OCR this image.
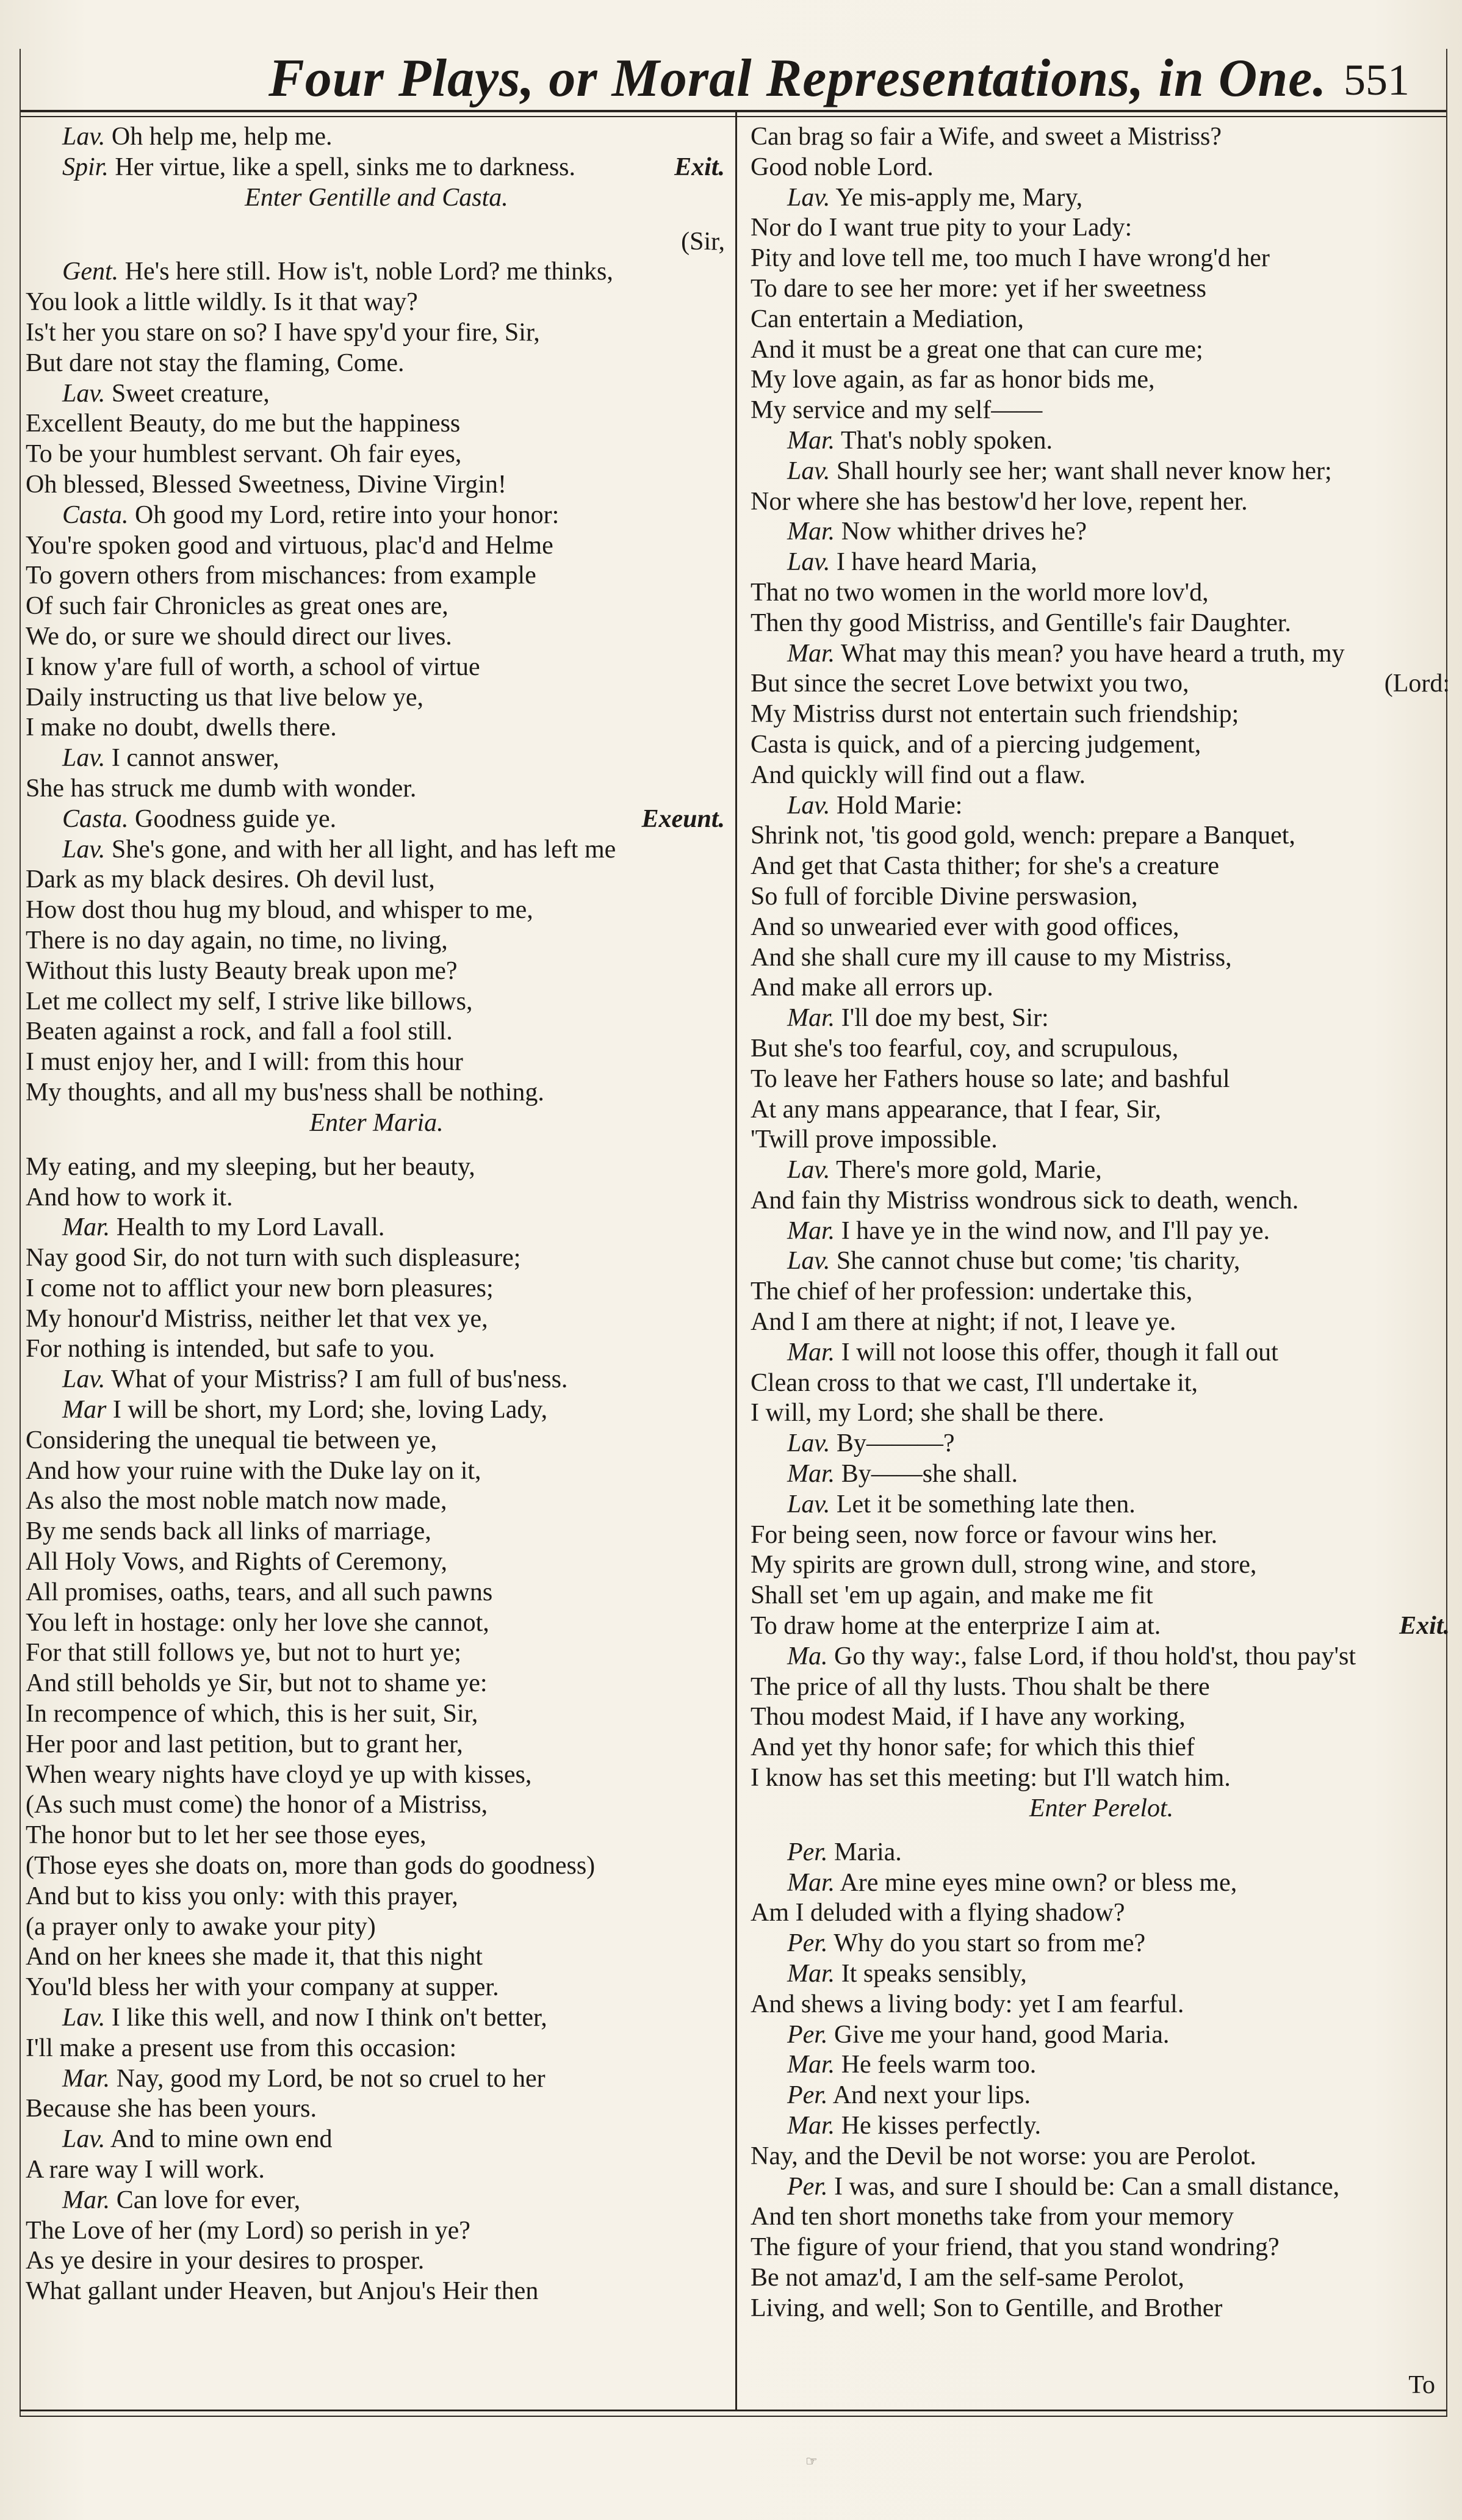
Four Plays, or Moral Representations, in One. 551
Lav. Oh help me, help me.
Spir. Her virtue, like a spell, sinks me to darkness.	Exit.
Enter Gentille and Casta.
(Sir,
Gent. He's here still. How is't, noble Lord? me thinks,
You look a little wildly. Is it that way?
Is't her you stare on so? I have spy'd your fire, Sir,
But dare not stay the flaming, Come.
Lav. Sweet creature,
Excellent Beauty, do me but the happiness
To be your humblest servant. Oh fair eyes,
Oh blessed, Blessed Sweetness, Divine Virgin!
Casta. Oh good my Lord, retire into your honor:
You're spoken good and virtuous, plac'd and Helme
To govern others from mischances: from example
Of such fair Chronicles as great ones are,
We do, or sure we should direct our lives.
I know y'are full of worth, a school of virtue
Daily instructing us that live below ye,
I make no doubt, dwells there.
Lav. I cannot answer,
She has struck me dumb with wonder.
Casta. Goodness guide ye.	Exeunt.
Lav. She's gone, and with her all light, and has left me
Dark as my black desires. Oh devil lust,
How dost thou hug my bloud, and whisper to me,
There is no day again, no time, no living,
Without this lusty Beauty break upon me?
Let me collect my self, I strive like billows,
Beaten against a rock, and fall a fool still.
I must enjoy her, and I will: from this hour
My thoughts, and all my bus'ness shall be nothing.
Enter Maria.
My eating, and my sleeping, but her beauty,
And how to work it.
Mar. Health to my Lord Lavall.
Nay good Sir, do not turn with such displeasure;
I come not to afflict your new born pleasures;
My honour'd Mistriss, neither let that vex ye,
For nothing is intended, but safe to you.
Lav. What of your Mistriss? I am full of bus'ness.
Mar I will be short, my Lord; she, loving Lady,
Considering the unequal tie between ye,
And how your ruine with the Duke lay on it,
As also the most noble match now made,
By me sends back all links of marriage,
All Holy Vows, and Rights of Ceremony,
All promises, oaths, tears, and all such pawns
You left in hostage: only her love she cannot,
For that still follows ye, but not to hurt ye;
And still beholds ye Sir, but not to shame ye:
In recompence of which, this is her suit, Sir,
Her poor and last petition, but to grant her,
When weary nights have cloyd ye up with kisses,
(As such must come) the honor of a Mistriss,
The honor but to let her see those eyes,
(Those eyes she doats on, more than gods do goodness)
And but to kiss you only: with this prayer,
(a prayer only to awake your pity)
And on her knees she made it, that this night
You'ld bless her with your company at supper.
Lav. I like this well, and now I think on't better,
I'll make a present use from this occasion:
Mar. Nay, good my Lord, be not so cruel to her
Because she has been yours.
Lav. And to mine own end
A rare way I will work.
Mar. Can love for ever,
The Love of her (my Lord) so perish in ye?
As ye desire in your desires to prosper.
What gallant under Heaven, but Anjou's Heir then
Can brag so fair a Wife, and sweet a Mistriss?
Good noble Lord.
Lav. Ye mis-apply me, Mary,
Nor do I want true pity to your Lady:
Pity and love tell me, too much I have wrong'd her
To dare to see her more: yet if her sweetness
Can entertain a Mediation,
And it must be a great one that can cure me;
My love again, as far as honor bids me,
My service and my self——
Mar. That's nobly spoken.
Lav. Shall hourly see her; want shall never know her;
Nor where she has bestow'd her love, repent her.
Mar. Now whither drives he?
Lav. I have heard Maria,
That no two women in the world more lov'd,
Then thy good Mistriss, and Gentille's fair Daughter.
Mar. What may this mean? you have heard a truth, my
But since the secret Love betwixt you two,	(Lord:
My Mistriss durst not entertain such friendship;
Casta is quick, and of a piercing judgement,
And quickly will find out a flaw.
Lav. Hold Marie:
Shrink not, 'tis good gold, wench: prepare a Banquet,
And get that Casta thither; for she's a creature
So full of forcible Divine perswasion,
And so unwearied ever with good offices,
And she shall cure my ill cause to my Mistriss,
And make all errors up.
Mar. I'll doe my best, Sir:
But she's too fearful, coy, and scrupulous,
To leave her Fathers house so late; and bashful
At any mans appearance, that I fear, Sir,
'Twill prove impossible.
Lav. There's more gold, Marie,
And fain thy Mistriss wondrous sick to death, wench.
Mar. I have ye in the wind now, and I'll pay ye.
Lav. She cannot chuse but come; 'tis charity,
The chief of her profession: undertake this,
And I am there at night; if not, I leave ye.
Mar. I will not loose this offer, though it fall out
Clean cross to that we cast, I'll undertake it,
I will, my Lord; she shall be there.
Lav. By———?
Mar. By——she shall.
Lav. Let it be something late then.
For being seen, now force or favour wins her.
My spirits are grown dull, strong wine, and store,
Shall set 'em up again, and make me fit
To draw home at the enterprize I aim at.	Exit.
Ma. Go thy way:, false Lord, if thou hold'st, thou pay'st
The price of all thy lusts. Thou shalt be there
Thou modest Maid, if I have any working,
And yet thy honor safe; for which this thief
I know has set this meeting: but I'll watch him.
Enter Perelot.
Per. Maria.
Mar. Are mine eyes mine own? or bless me,
Am I deluded with a flying shadow?
Per. Why do you start so from me?
Mar. It speaks sensibly,
And shews a living body: yet I am fearful.
Per. Give me your hand, good Maria.
Mar. He feels warm too.
Per. And next your lips.
Mar. He kisses perfectly.
Nay, and the Devil be not worse: you are Perolot.
Per. I was, and sure I should be: Can a small distance,
And ten short moneths take from your memory
The figure of your friend, that you stand wondring?
Be not amaz'd, I am the self-same Perolot,
Living, and well; Son to Gentille, and Brother
To
☞
